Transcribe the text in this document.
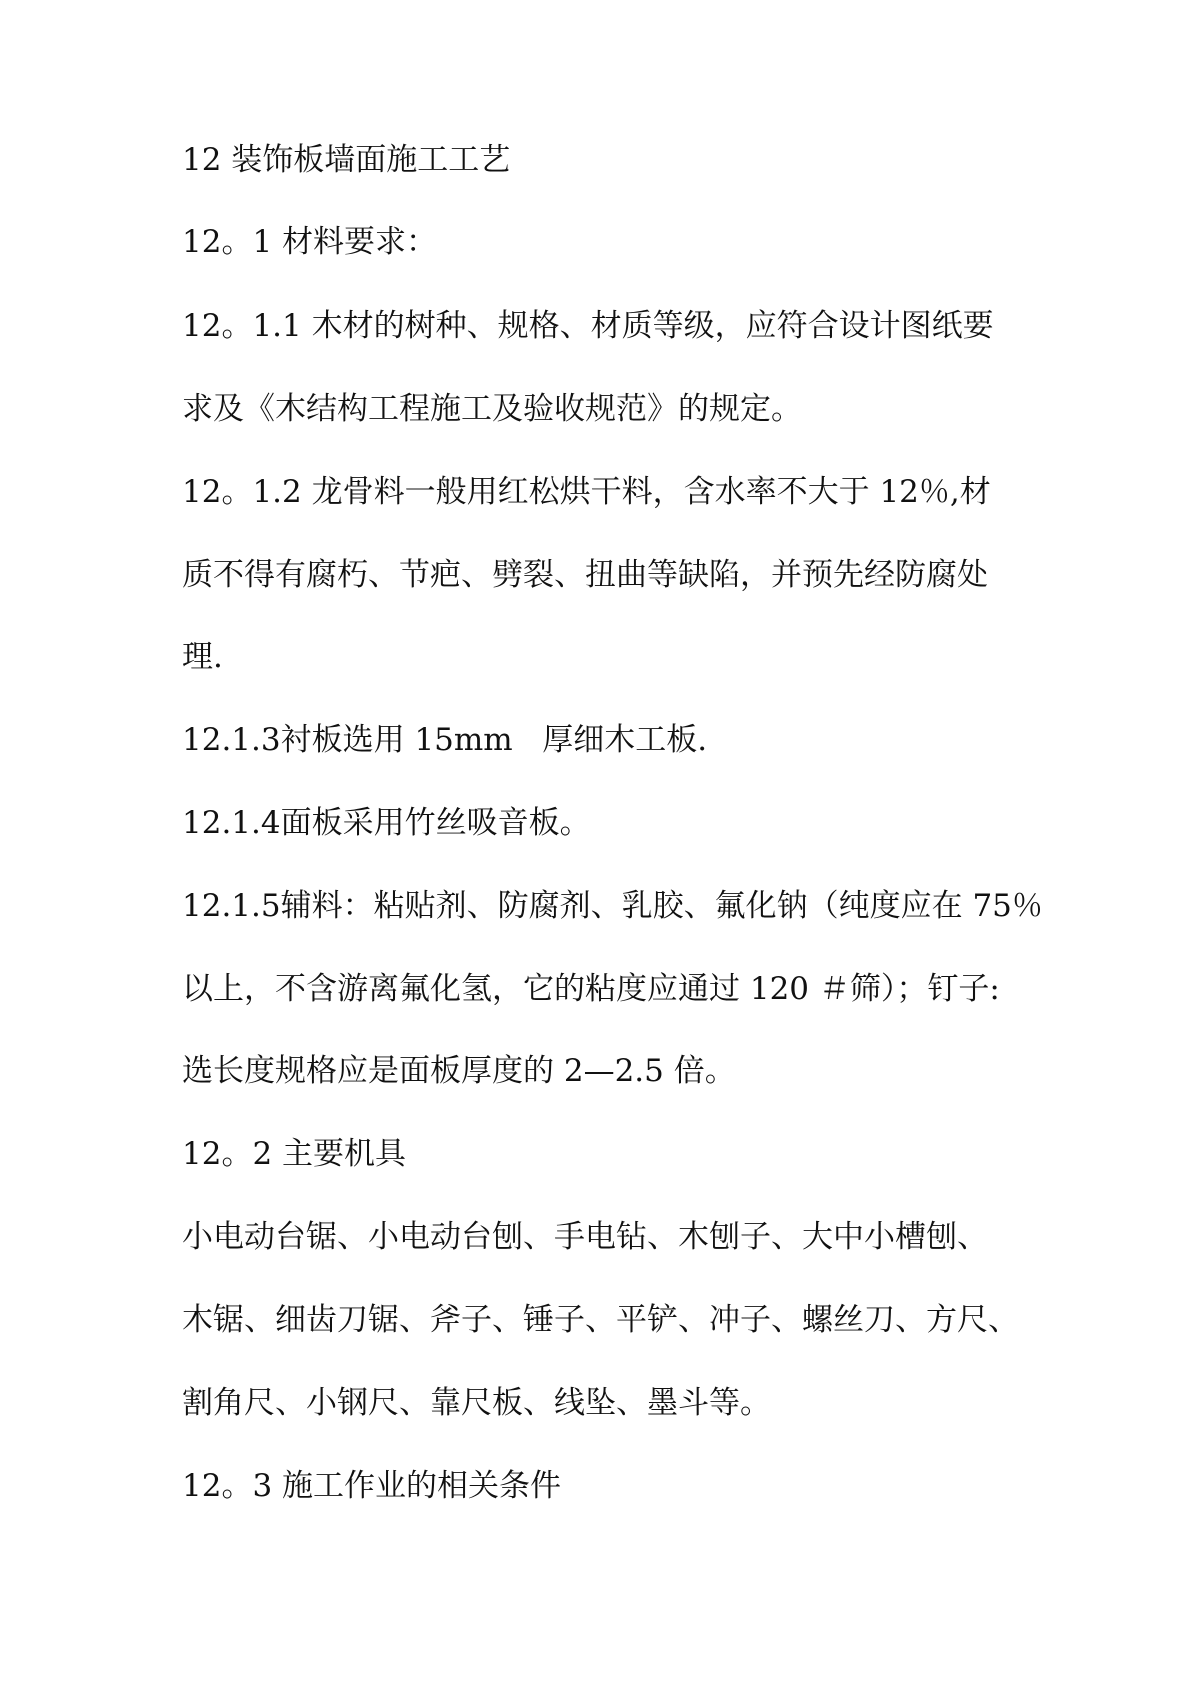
12 装饰板墙面施工工艺

12。1 材料要求：

12。1.1 木材的树种、规格、材质等级，应符合设计图纸要

求及《木结构工程施工及验收规范》的规定。

12。1.2 龙骨料一般用红松烘干料，含水率不大于 12％,材

质不得有腐朽、节疤、劈裂、扭曲等缺陷，并预先经防腐处

理.

12.1.3衬板选用 15mm   厚细木工板.

12.1.4面板采用竹丝吸音板。

12.1.5辅料：粘贴剂、防腐剂、乳胶、氟化钠（纯度应在 75％

以上，不含游离氟化氢，它的粘度应通过 120 ＃筛）；钉子:

选长度规格应是面板厚度的 2—2.5 倍。

12。2 主要机具

小电动台锯、小电动台刨、手电钻、木刨子、大中小槽刨、

木锯、细齿刀锯、斧子、锤子、平铲、冲子、螺丝刀、方尺、

割角尺、小钢尺、靠尺板、线坠、墨斗等。

12。3 施工作业的相关条件
